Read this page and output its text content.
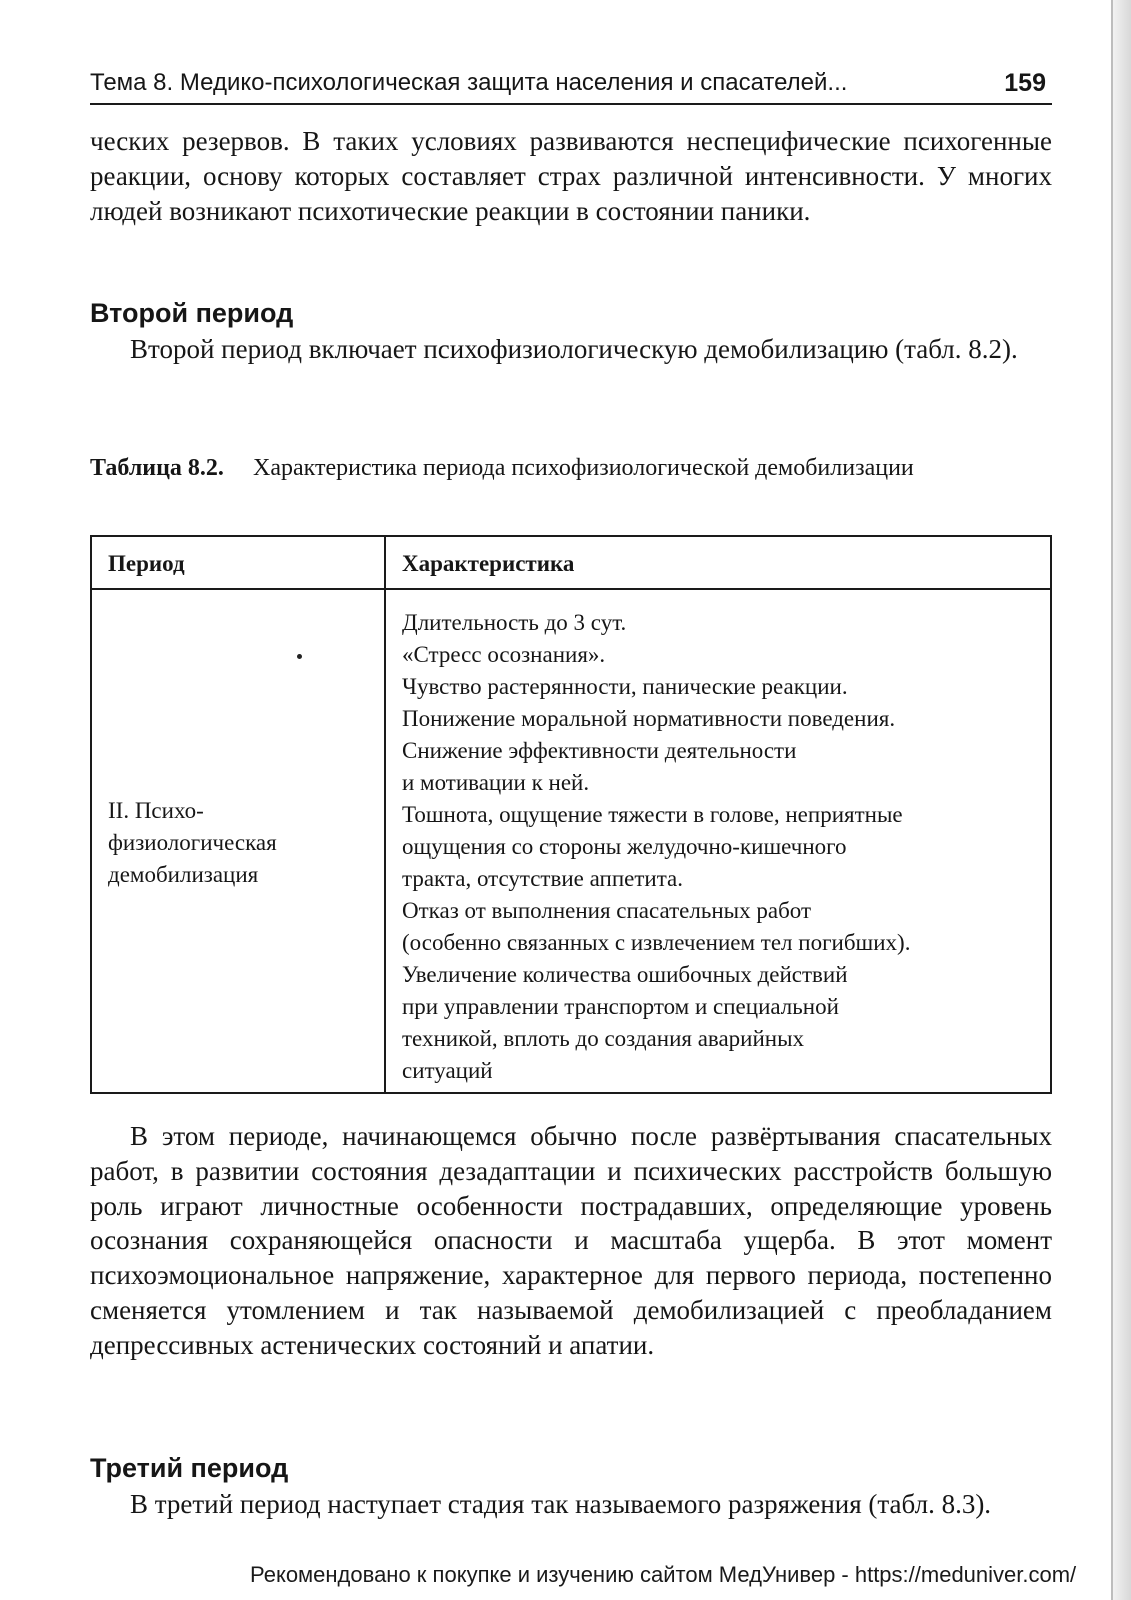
Тема 8. Медико-психологическая защита населения и спасателей...	159
ческих резервов. В таких условиях развиваются неспецифические психогенные реакции, основу которых составляет страх различной интенсивности. У многих людей возникают психотические реакции в состоянии паники.
Второй период
Второй период включает психофизиологическую демобилизацию (табл. 8.2).
Таблица 8.2. Характеристика периода психофизиологической демобилизации
Период	Характеристика
II. Психо-
физиологическая
демобилизация
Длительность до 3 сут.
«Стресс осознания».
Чувство растерянности, панические реакции.
Понижение моральной нормативности поведения.
Снижение эффективности деятельности
и мотивации к ней.
Тошнота, ощущение тяжести в голове, неприятные
ощущения со стороны желудочно-кишечного
тракта, отсутствие аппетита.
Отказ от выполнения спасательных работ
(особенно связанных с извлечением тел погибших).
Увеличение количества ошибочных действий
при управлении транспортом и специальной
техникой, вплоть до создания аварийных
ситуаций
В этом периоде, начинающемся обычно после развёртывания спасательных работ, в развитии состояния дезадаптации и психических расстройств большую роль играют личностные особенности пострадавших, определяющие уровень осознания сохраняющейся опасности и масштаба ущерба. В этот момент психоэмоциональное напряжение, характерное для первого периода, постепенно сменяется утомлением и так называемой демобилизацией с преобладанием депрессивных астенических состояний и апатии.
Третий период
В третий период наступает стадия так называемого разряжения (табл. 8.3).
Рекомендовано к покупке и изучению сайтом МедУнивер - https://meduniver.com/
